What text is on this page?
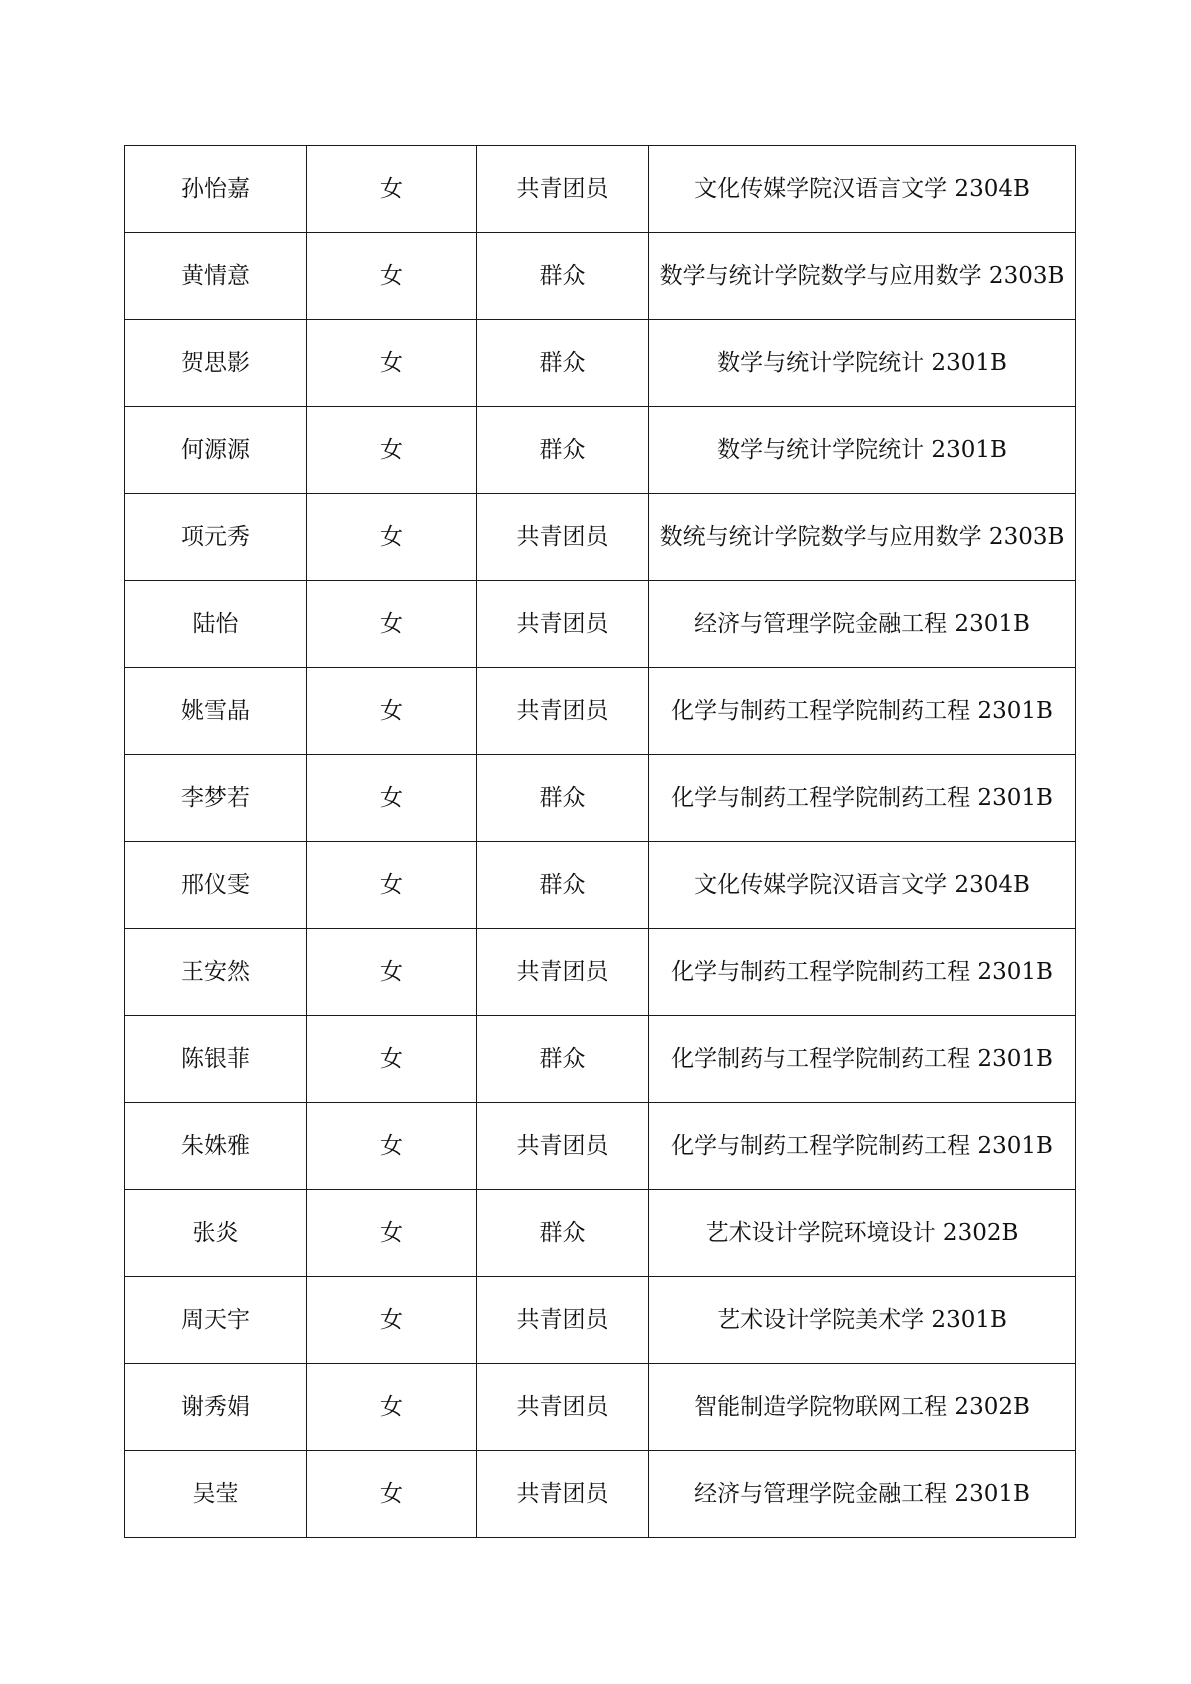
孙怡嘉	女	共青团员	文化传媒学院汉语言文学 2304B
黄情意	女	群众	数学与统计学院数学与应用数学 2303B
贺思影	女	群众	数学与统计学院统计 2301B
何源源	女	群众	数学与统计学院统计 2301B
项元秀	女	共青团员	数统与统计学院数学与应用数学 2303B
陆怡	女	共青团员	经济与管理学院金融工程 2301B
姚雪晶	女	共青团员	化学与制药工程学院制药工程 2301B
李梦若	女	群众	化学与制药工程学院制药工程 2301B
邢仪雯	女	群众	文化传媒学院汉语言文学 2304B
王安然	女	共青团员	化学与制药工程学院制药工程 2301B
陈银菲	女	群众	化学制药与工程学院制药工程 2301B
朱姝雅	女	共青团员	化学与制药工程学院制药工程 2301B
张炎	女	群众	艺术设计学院环境设计 2302B
周天宇	女	共青团员	艺术设计学院美术学 2301B
谢秀娟	女	共青团员	智能制造学院物联网工程 2302B
吴莹	女	共青团员	经济与管理学院金融工程 2301B
